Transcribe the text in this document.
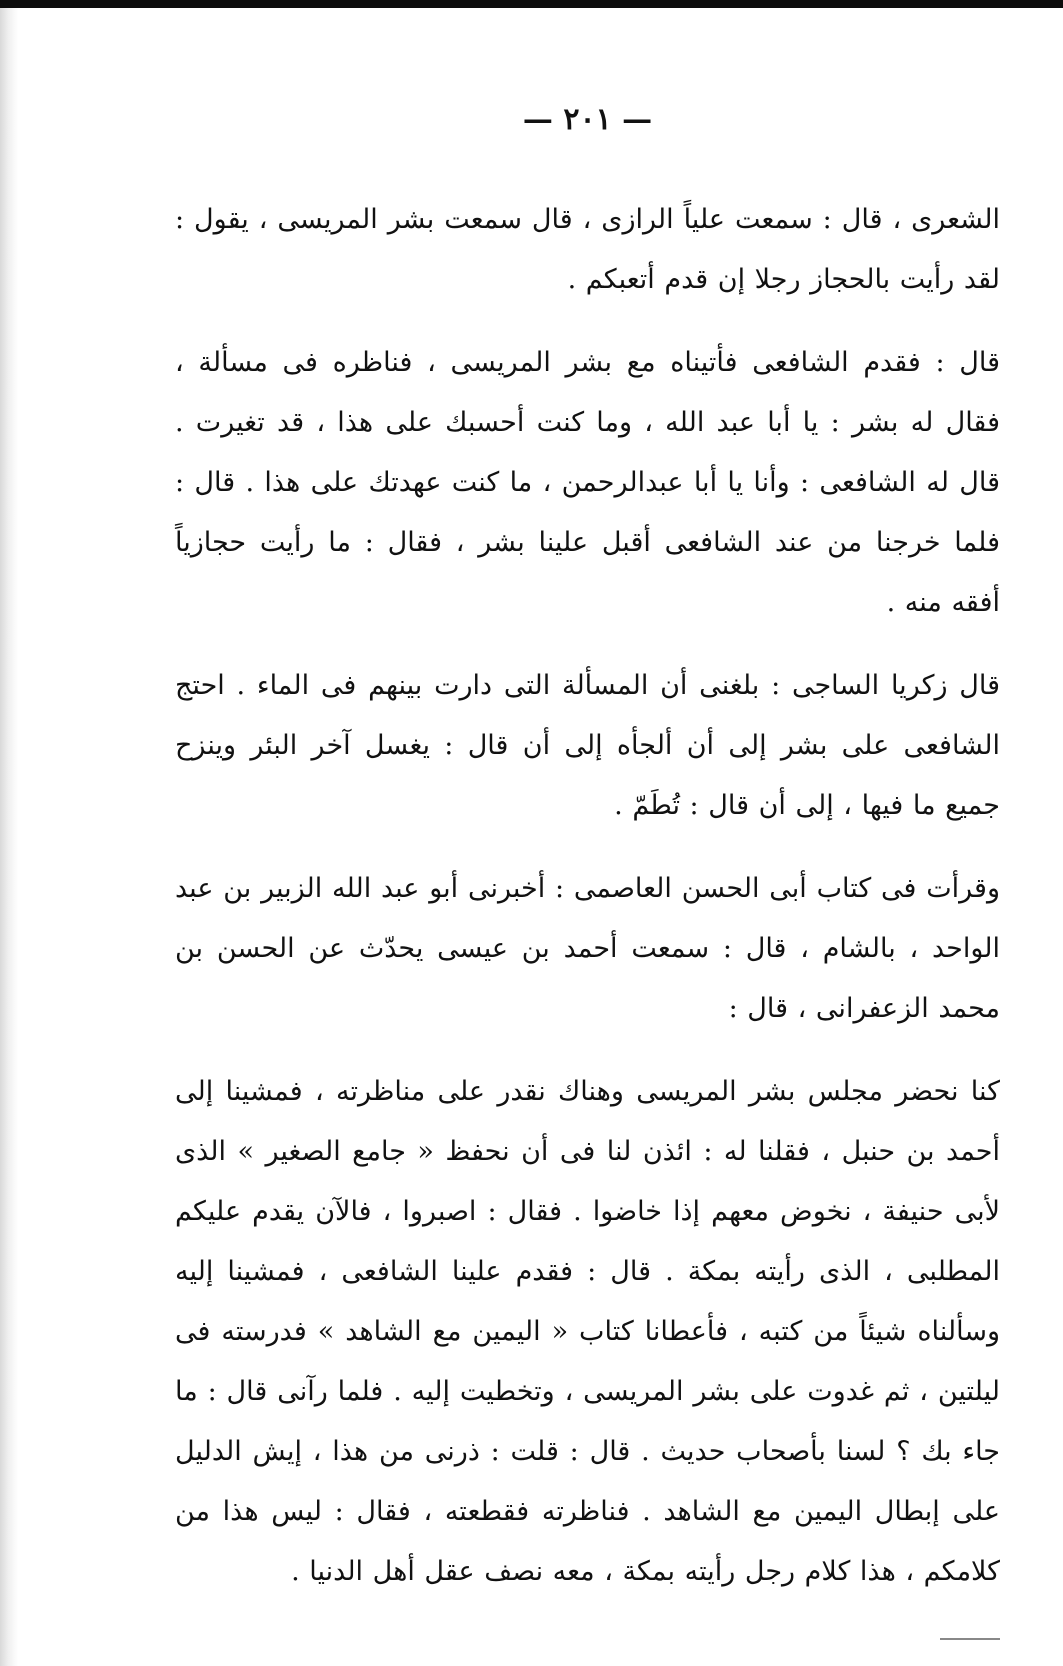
— ٢٠١ —

الشعرى ، قال : سمعت علياً الرازى ، قال سمعت بشر المريسى ، يقول : لقد رأيت بالحجاز رجلا إن قدم أتعبكم .

قال : فقدم الشافعى فأتيناه مع بشر المريسى ، فناظره فى مسألة ، فقال له بشر : يا أبا عبد الله ، وما كنت أحسبك على هذا ، قد تغيرت . قال له الشافعى : وأنا يا أبا عبدالرحمن ، ما كنت عهدتك على هذا . قال : فلما خرجنا من عند الشافعى أقبل علينا بشر ، فقال : ما رأيت حجازياً أفقه منه .

قال زكريا الساجى : بلغنى أن المسألة التى دارت بينهم فى الماء . احتج الشافعى على بشر إلى أن ألجأه إلى أن قال : يغسل آخر البئر وينزح جميع ما فيها ، إلى أن قال : تُطَمّ .

وقرأت فى كتاب أبى الحسن العاصمى : أخبرنى أبو عبد الله الزبير بن عبد الواحد ، بالشام ، قال : سمعت أحمد بن عيسى يحدّث عن الحسن بن محمد الزعفرانى ، قال :

كنا نحضر مجلس بشر المريسى وهناك نقدر على مناظرته ، فمشينا إلى أحمد بن حنبل ، فقلنا له : ائذن لنا فى أن نحفظ « جامع الصغير » الذى لأبى حنيفة ، نخوض معهم إذا خاضوا . فقال : اصبروا ، فالآن يقدم عليكم المطلبى ، الذى رأيته بمكة . قال : فقدم علينا الشافعى ، فمشينا إليه وسألناه شيئاً من كتبه ، فأعطانا كتاب « اليمين مع الشاهد » فدرسته فى ليلتين ، ثم غدوت على بشر المريسى ، وتخطيت إليه . فلما رآنى قال : ما جاء بك ؟ لسنا بأصحاب حديث . قال : قلت : ذرنى من هذا ، إيش الدليل على إبطال اليمين مع الشاهد . فناظرته فقطعته ، فقال : ليس هذا من كلامكم ، هذا كلام رجل رأيته بمكة ، معه نصف عقل أهل الدنيا .
